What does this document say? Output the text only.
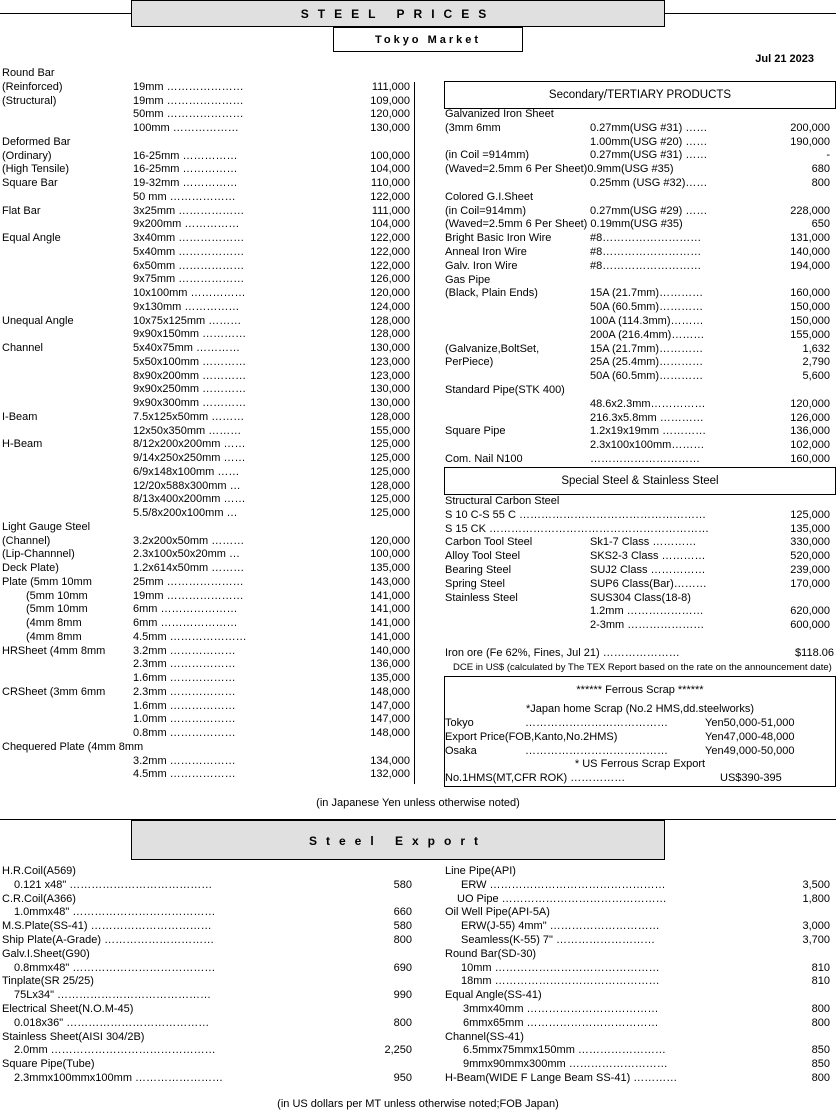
STEEL PRICES
Tokyo Market
Jul 21 2023
Round Bar
(Reinforced)	19mm …………………	111,000
(Structural)	19mm …………………	109,000
50mm …………………	120,000
100mm ………………	130,000
Deformed Bar
(Ordinary)	16-25mm ……………	100,000
(High Tensile)	16-25mm ……………	104,000
Square Bar	19-32mm ……………	110,000
50 mm ………………	122,000
Flat Bar	3x25mm ………………	111,000
9x200mm ……………	104,000
Equal Angle	3x40mm ………………	122,000
5x40mm ………………	122,000
6x50mm ………………	122,000
9x75mm ………………	126,000
10x100mm ……………	120,000
9x130mm ……………	124,000
Unequal Angle	10x75x125mm ………	128,000
9x90x150mm …………	128,000
Channel	5x40x75mm …………	130,000
5x50x100mm …………	123,000
8x90x200mm …………	123,000
9x90x250mm …………	130,000
9x90x300mm …………	130,000
I-Beam	7.5x125x50mm ………	128,000
12x50x350mm ………	155,000
H-Beam	8/12x200x200mm ……	125,000
9/14x250x250mm ……	125,000
6/9x148x100mm ……	125,000
12/20x588x300mm …	128,000
8/13x400x200mm ……	125,000
5.5/8x200x100mm …	125,000
Light Gauge Steel
(Channel)	3.2x200x50mm ………	120,000
(Lip-Channnel)	2.3x100x50x20mm …	100,000
Deck Plate)	1.2x614x50mm ………	135,000
Plate (5mm 10mm	25mm …………………	143,000
(5mm 10mm	19mm …………………	141,000
(5mm 10mm	6mm …………………	141,000
(4mm 8mm	6mm …………………	141,000
(4mm 8mm	4.5mm …………………	141,000
HRSheet (4mm 8mm	3.2mm ………………	140,000
2.3mm ………………	136,000
1.6mm ………………	135,000
CRSheet (3mm 6mm	2.3mm ………………	148,000
1.6mm ………………	147,000
1.0mm ………………	147,000
0.8mm ………………	148,000
Chequered Plate (4mm 8mm
3.2mm ………………	134,000
4.5mm ………………	132,000
Secondary/TERTIARY PRODUCTS
Galvanized Iron Sheet
(3mm 6mm	0.27mm(USG #31) ……	200,000
1.00mm(USG #20) ……	190,000
(in Coil =914mm)	0.27mm(USG #31) ……	-
(Waved=2.5mm 6 Per Sheet)0.9mm(USG #35)	680
0.25mm (USG #32)……	800
Colored G.I.Sheet
(in Coil=914mm)	0.27mm(USG #29) ……	228,000
(Waved=2.5mm 6 Per Sheet) 0.19mm(USG #35)	650
Bright Basic Iron Wire	#8………………………	131,000
Anneal Iron Wire	#8………………………	140,000
Galv. Iron Wire	#8………………………	194,000
Gas Pipe
(Black, Plain Ends)	15A (21.7mm)…………	160,000
50A (60.5mm)…………	150,000
100A (114.3mm)………	150,000
200A (216.4mm)………	155,000
(Galvanize,BoltSet,	15A (21.7mm)…………	1,632
PerPiece)	25A (25.4mm)…………	2,790
50A (60.5mm)…………	5,600
Standard Pipe(STK 400)
48.6x2.3mm……………	120,000
216.3x5.8mm …………	126,000
Square Pipe	1.2x19x19mm …………	136,000
2.3x100x100mm………	102,000
Com. Nail N100	…………………………	160,000
Special Steel & Stainless Steel
Structural Carbon Steel
S 10 C-S 55 C ……………………………………………	125,000
S 15 CK ……………………………………………………	135,000
Carbon Tool Steel	Sk1-7 Class …………	330,000
Alloy Tool Steel	SKS2-3 Class …………	520,000
Bearing Steel	SUJ2 Class ……………	239,000
Spring Steel	SUP6 Class(Bar)………	170,000
Stainless Steel	SUS304 Class(18-8)
1.2mm …………………	620,000
2-3mm …………………	600,000
Iron ore (Fe 62%, Fines, Jul 21) …………………	$118.06
DCE in US$ (calculated by The TEX Report based on the rate on the announcement date)
****** Ferrous Scrap ******
*Japan home Scrap (No.2 HMS,dd.steelworks)
Tokyo	…………………………………	Yen50,000-51,000
Export Price(FOB,Kanto,No.2HMS)	Yen47,000-48,000
Osaka	…………………………………	Yen49,000-50,000
* US Ferrous Scrap Export
No.1HMS(MT,CFR ROK) ……………	US$390-395
(in Japanese Yen unless otherwise noted)
Steel Export
H.R.Coil(A569)
0.121 x48" …………………………………	580
C.R.Coil(A366)
1.0mmx48" …………………………………	660
M.S.Plate(SS-41) ……………………………	580
Ship Plate(A-Grade) …………………………	800
Galv.I.Sheet(G90)
0.8mmx48" …………………………………	690
Tinplate(SR 25/25)
75Lx34" ……………………………………	990
Electrical Sheet(N.O.M-45)
0.018x36" …………………………………	800
Stainless Sheet(AISI 304/2B)
2.0mm ………………………………………	2,250
Square Pipe(Tube)
2.3mmx100mmx100mm ……………………	950
Line Pipe(API)
ERW …………………………………………	3,500
UO Pipe ………………………………………	1,800
Oil Well Pipe(API-5A)
ERW(J-55) 4mm" …………………………	3,000
Seamless(K-55) 7" ………………………	3,700
Round Bar(SD-30)
10mm ………………………………………	810
18mm ………………………………………	810
Equal Angle(SS-41)
3mmx40mm ………………………………	800
6mmx65mm ………………………………	800
Channel(SS-41)
6.5mmx75mmx150mm ……………………	850
9mmx90mmx300mm ………………………	850
H-Beam(WIDE F Lange Beam SS-41) …………	800
(in US dollars per MT unless otherwise noted;FOB Japan)
